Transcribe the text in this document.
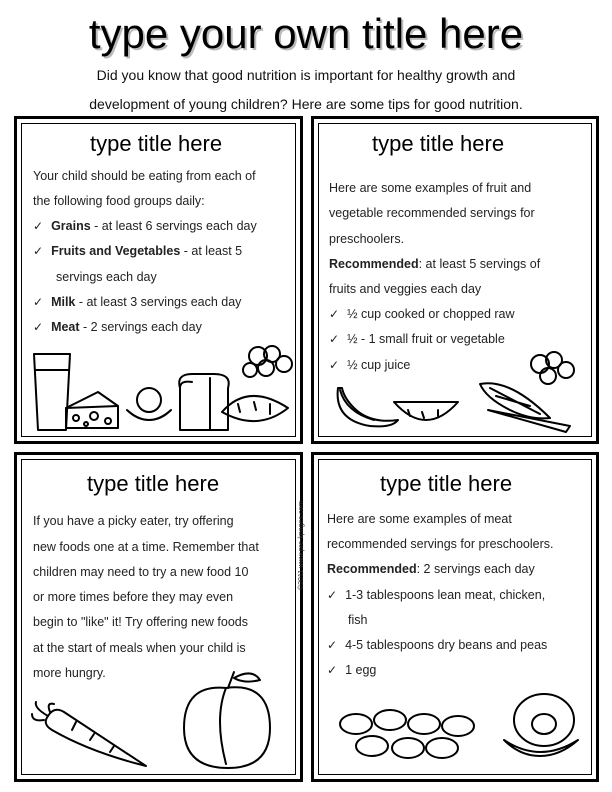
type your own title here
Did you know that good nutrition is important for healthy growth and
development of young children? Here are some tips for good nutrition.
type title here
Your child should be eating from each of
the following food groups daily:
✓ Grains - at least 6 servings each day
✓ Fruits and Vegetables - at least 5
servings each day
✓ Milk - at least 3 servings each day
✓ Meat - 2 servings each day
type title here
Here are some examples of fruit and
vegetable recommended servings for
preschoolers.
Recommended: at least 5 servings of
fruits and veggies each day
✓ ½ cup cooked or chopped raw
✓ ½ - 1 small fruit or vegetable
✓ ½ cup juice
type title here
If you have a picky eater, try offering
new foods one at a time. Remember that
children may need to try a new food 10
or more times before they may even
begin to "like" it! Try offering new foods
at the start of meals when your child is
more hungry.
©2011 www.pre-kpages.com
type title here
Here are some examples of meat
recommended servings for preschoolers.
Recommended: 2 servings each day
✓ 1-3 tablespoons lean meat, chicken,
fish
✓ 4-5 tablespoons dry beans and peas
✓ 1 egg
